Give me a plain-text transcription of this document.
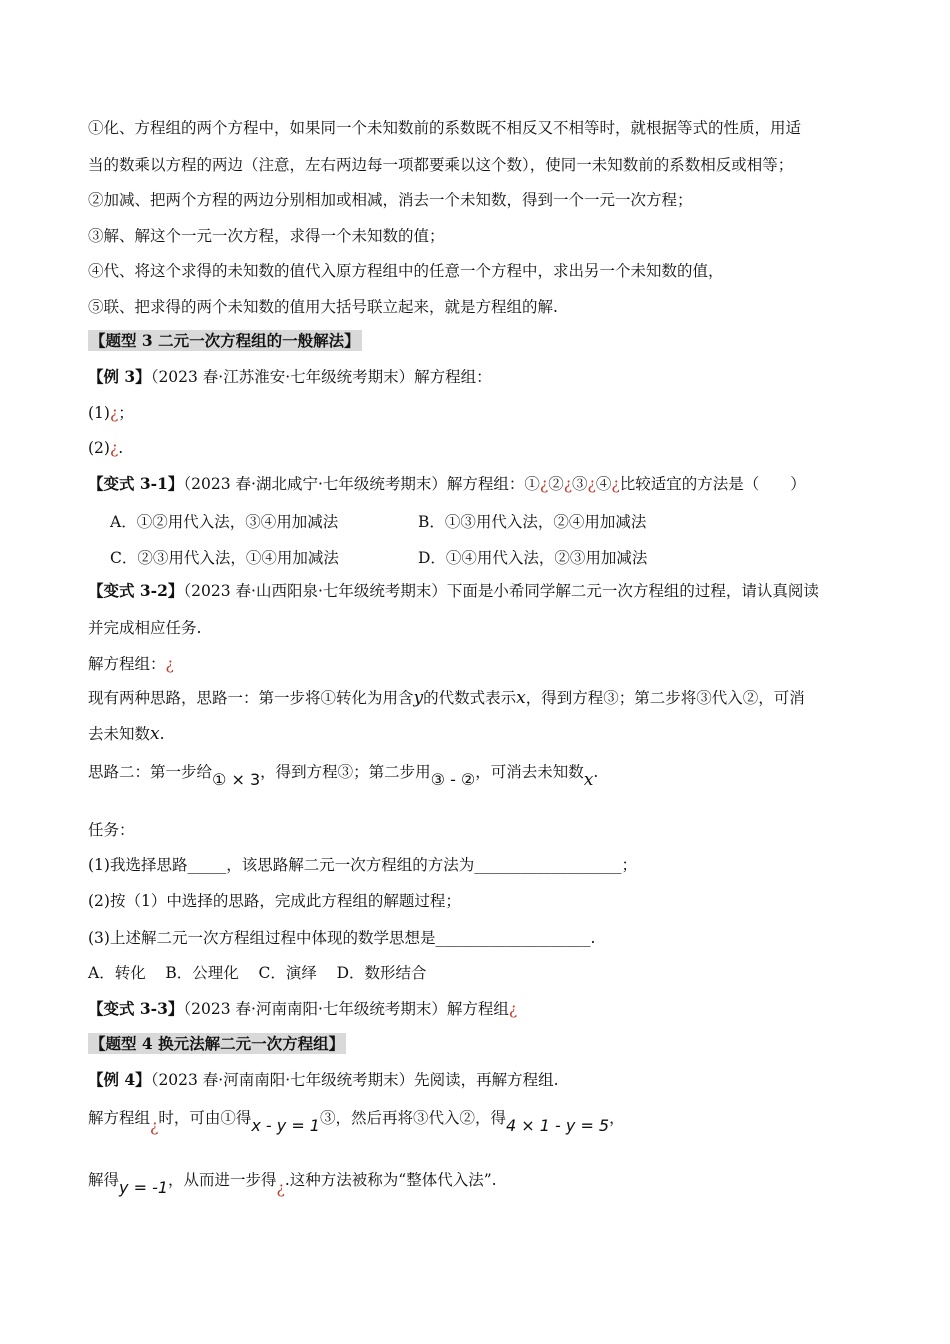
①化、方程组的两个方程中，如果同一个未知数前的系数既不相反又不相等时，就根据等式的性质，用适
当的数乘以方程的两边（注意，左右两边每一项都要乘以这个数），使同一未知数前的系数相反或相等；
②加减、把两个方程的两边分别相加或相减，消去一个未知数，得到一个一元一次方程；
③解、解这个一元一次方程，求得一个未知数的值；
④代、将这个求得的未知数的值代入原方程组中的任意一个方程中，求出另一个未知数的值，
⑤联、把求得的两个未知数的值用大括号联立起来，就是方程组的解.
【题型 3 二元一次方程组的一般解法】
【例 3】（2023 春·江苏淮安·七年级统考期末）解方程组：
(1)¿；
(2)¿.
【变式 3-1】（2023 春·湖北咸宁·七年级统考期末）解方程组：①¿②¿③¿④¿比较适宜的方法是（　　）
A．①②用代入法，③④用加减法	B．①③用代入法，②④用加减法
C．②③用代入法，①④用加减法	D．①④用代入法，②③用加减法
【变式 3-2】（2023 春·山西阳泉·七年级统考期末）下面是小希同学解二元一次方程组的过程，请认真阅读
并完成相应任务.
解方程组：¿
现有两种思路，思路一：第一步将①转化为用含y的代数式表示x，得到方程③；第二步将③代入②，可消
去未知数x.
思路二：第一步给① × 3，得到方程③；第二步用③ - ②，可消去未知数x.
任务：
(1)我选择思路_____，该思路解二元一次方程组的方法为___________________；
(2)按（1）中选择的思路，完成此方程组的解题过程；
(3)上述解二元一次方程组过程中体现的数学思想是____________________.
A．转化    B．公理化    C．演绎    D．数形结合
【变式 3-3】（2023 春·河南南阳·七年级统考期末）解方程组¿
【题型 4 换元法解二元一次方程组】
【例 4】（2023 春·河南南阳·七年级统考期末）先阅读，再解方程组.
解方程组¿时，可由①得x - y = 1③，然后再将③代入②，得4 × 1 - y = 5，
解得y = -1，从而进一步得¿.这种方法被称为“整体代入法”.
